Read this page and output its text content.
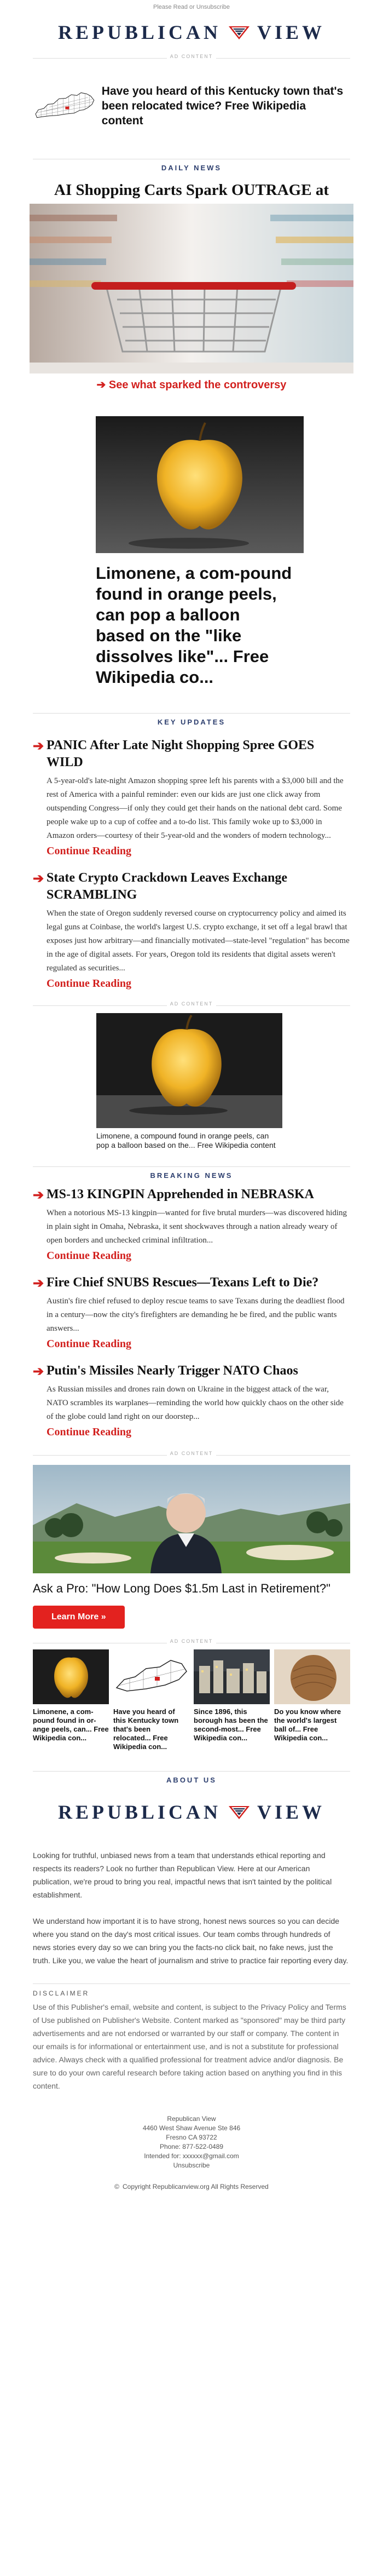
Please Read or Unsubscribe
REPUBLICAN VIEW
AD CONTENT
Have you heard of this Kentucky town that's been relocated twice? Free Wikipedia content
DAILY NEWS
AI Shopping Carts Spark OUTRAGE at
➔ See what sparked the controversy
Limonene, a com-pound found in orange peels, can pop a balloon based on the "like dissolves like"... Free Wikipedia co...
KEY UPDATES
➔ PANIC After Late Night Shopping Spree GOES WILD

A 5-year-old's late-night Amazon shopping spree left his parents with a $3,000 bill and the rest of America with a painful reminder: even our kids are just one click away from outspending Congress—if only they could get their hands on the national debt card. Some people wake up to a cup of coffee and a to-do list. This family woke up to $3,000 in Amazon orders—courtesy of their 5-year-old and the wonders of modern technology...

Continue Reading
➔ State Crypto Crackdown Leaves Exchange SCRAMBLING

When the state of Oregon suddenly reversed course on cryptocurrency policy and aimed its legal guns at Coinbase, the world's largest U.S. crypto exchange, it set off a legal brawl that exposes just how arbitrary—and financially motivated—state-level "regulation" has become in the age of digital assets. For years, Oregon told its residents that digital assets weren't regulated as securities...

Continue Reading
AD CONTENT
Limonene, a compound found in orange peels, can pop a balloon based on the... Free Wikipedia content
BREAKING NEWS
➔ MS-13 KINGPIN Apprehended in NEBRASKA

When a notorious MS-13 kingpin—wanted for five brutal murders—was discovered hiding in plain sight in Omaha, Nebraska, it sent shockwaves through a nation already weary of open borders and unchecked criminal infiltration...

Continue Reading
➔ Fire Chief SNUBS Rescues—Texans Left to Die?

Austin's fire chief refused to deploy rescue teams to save Texans during the deadliest flood in a century—now the city's firefighters are demanding he be fired, and the public wants answers...

Continue Reading
➔ Putin's Missiles Nearly Trigger NATO Chaos

As Russian missiles and drones rain down on Ukraine in the biggest attack of the war, NATO scrambles its warplanes—reminding the world how quickly chaos on the other side of the globe could land right on our doorstep...

Continue Reading
AD CONTENT
Ask a Pro: "How Long Does $1.5m Last in Retirement?"
Learn More »
AD CONTENT
Limonene, a com-pound found in or-ange peels, can... Free Wikipedia con...
Have you heard of this Kentucky town that's been relocated... Free Wikipedia con...
Since 1896, this borough has been the second-most... Free Wikipedia con...
Do you know where the world's largest ball of... Free Wikipedia con...
ABOUT US
REPUBLICAN VIEW

Looking for truthful, unbiased news from a team that understands ethical reporting and respects its readers? Look no further than Republican View. Here at our American publication, we're proud to bring you real, impactful news that isn't tainted by the political establishment.

We understand how important it is to have strong, honest news sources so you can decide where you stand on the day's most critical issues. Our team combs through hundreds of news stories every day so we can bring you the facts-no click bait, no fake news, just the truth. Like you, we value the heart of journalism and strive to practice fair reporting every day.

DISCLAIMER
Use of this Publisher's email, website and content, is subject to the Privacy Policy and Terms of Use published on Publisher's Website. Content marked as "sponsored" may be third party advertisements and are not endorsed or warranted by our staff or company. The content in our emails is for informational or entertainment use, and is not a substitute for professional advice. Always check with a qualified professional for treatment advice and/or diagnosis. Be sure to do your own careful research before taking action based on anything you find in this content.
Republican View
4460 West Shaw Avenue Ste 846
Fresno CA 93722
Phone: 877-522-0489
Intended for: xxxxxx@gmail.com
Unsubscribe
© Copyright Republicanview.org All Rights Reserved
